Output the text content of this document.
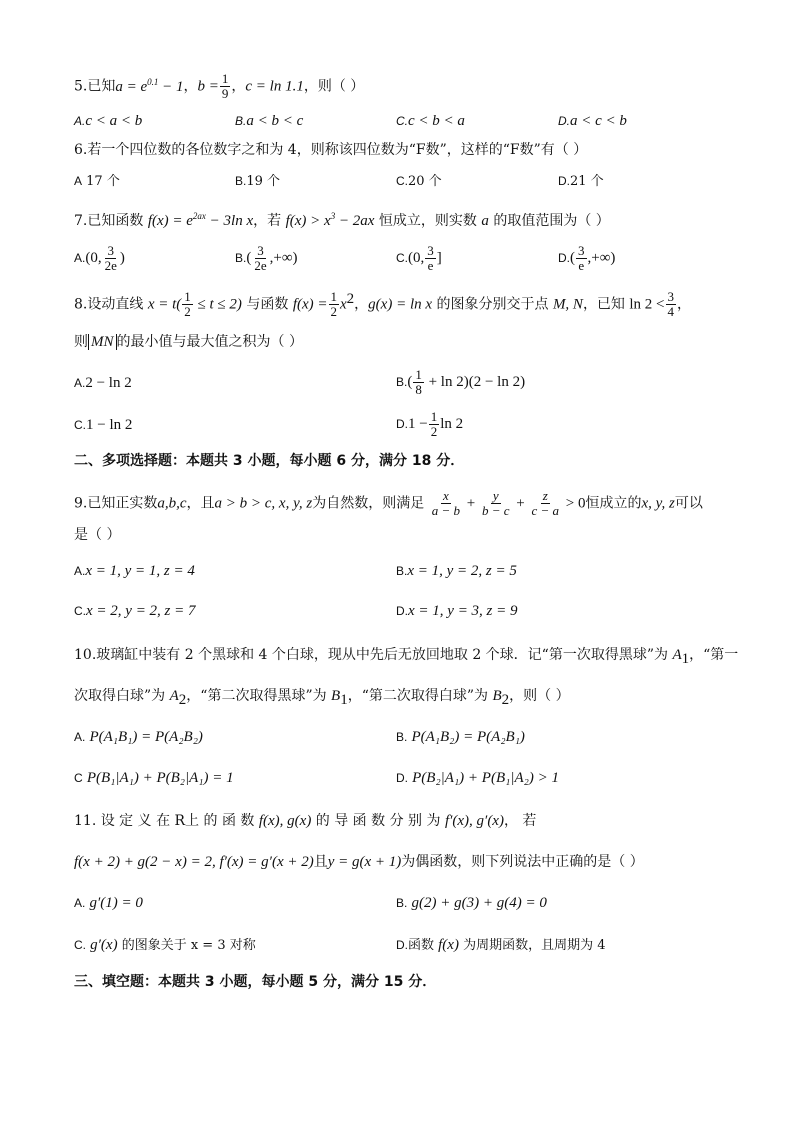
5.已知$a = e^{0.1} - 1$，$b = \frac{1}{9}$ ，c = ln 1.1，则（ ）
A.c < a < b	B.a < b < c	C.c < b < a	D.a < c < b
6.若一个四位数的各位数字之和为 4，则称该四位数为“F数”，这样的“F数”有（ ）
A 17 个	B.19 个	C.20 个	D.21 个
7.已知函数 $f(x) = e^{2ax} - 3\ln$ x，若 $f(x) > x^3 - 2ax$ 恒成立，则实数 a 的取值范围为（ ）
A.(0, $\frac{3}{2e}$ )	$B.( \frac{3}{2e}$ ,+∞)	C.(0, $\frac{3}{e}$ ]	$D.( \frac{3}{e}$ ,+∞)
8.设动直线 $x = t( \frac{1}{2} \le t \le 2)$ 与函数 $f(x) = \frac{1}{2} x^2$，g(x) = ln x 的图象分别交于点 M, N，已知 $\ln 2 < \frac{3}{4}$ ，
则 MN 的最小值与最大值之积为（ ）
A.2 − ln 2	$B.( \frac{1}{8} + \ln 2)(2 - \ln 2)$
C.1 − ln 2	$D.1 - \frac{1}{2}$ ln 2
二、多项选择题：本题共 3 小题，每小题 6 分，满分 18 分．
9.已知正实数a,b,c，且a > b > c, x, y, z为自然数，则满足 $\frac{x}{a - b} + \frac{y}{b - c} + \frac{z}{c - a} > 0$恒成立的x, y, z可以
是（ ）
A.x = 1, y = 1, z = 4	B.x = 1, y = 2, z = 5
C.x = 2, y = 2, z = 7	D.x = 1, y = 3, z = 9
10.玻璃缸中装有 2 个黑球和 4 个白球，现从中先后无放回地取 2 个球．记“第一次取得黑球”为 $A_1$，“第一
次取得白球”为 $A_2$，“第二次取得黑球”为 $B_1$，“第二次取得白球”为 $B_2$，则（ ）
A. P(A₁B₁) = P(A₂B₂)	B. P(A₁B₂) = P(A₂B₁)
C P(B₁|A₁) + P(B₂|A₁) = 1	D. P(B₂|A₁) + P(B₁|A₂) > 1
11. 设 定 义 在 R上 的 函 数 f(x), g(x) 的 导 函 数 分 别 为 f′(x), g′(x)， 若
f(x + 2) + g(2 − x) = 2, f′(x) = g′(x + 2)且y = g(x + 1)为偶函数，则下列说法中正确的是（ ）
A. g′(1) = 0	B. g(2) + g(3) + g(4) = 0
C. g′(x) 的图象关于 x = 3 对称	D.函数 f(x) 为周期函数，且周期为 4
三、填空题：本题共 3 小题，每小题 5 分，满分 15 分．
